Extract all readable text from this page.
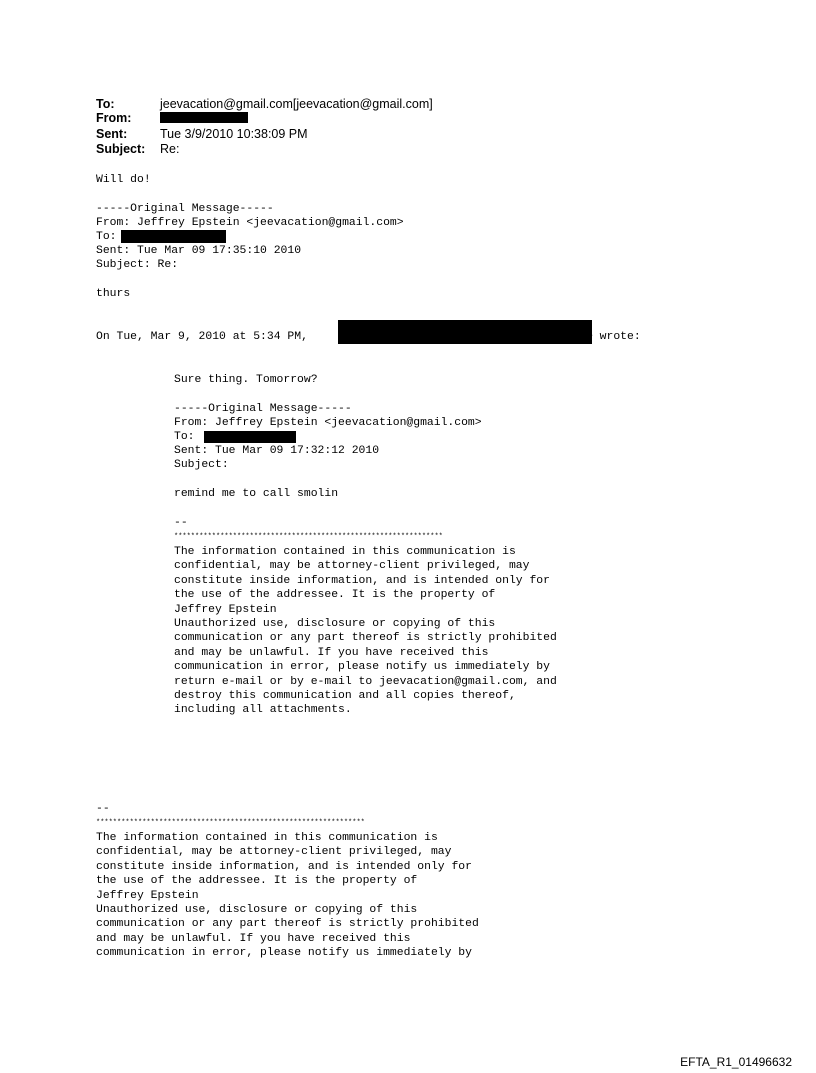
To:	jeevacation@gmail.com[jeevacation@gmail.com]
From:
Sent:	Tue 3/9/2010 10:38:09 PM
Subject: Re:
Will do!
-----Original Message-----
From: Jeffrey Epstein <jeevacation@gmail.com>
To:
Sent: Tue Mar 09 17:35:10 2010
Subject: Re:
thurs
On Tue, Mar 9, 2010 at 5:34 PM,	> wrote:
Sure thing. Tomorrow?
-----Original Message-----
From: Jeffrey Epstein <jeevacation@gmail.com>
To:
Sent: Tue Mar 09 17:32:12 2010
Subject:
remind me to call smolin
--
****************************************************************
The information contained in this communication is
confidential, may be attorney-client privileged, may
constitute inside information, and is intended only for
the use of the addressee. It is the property of
Jeffrey Epstein
Unauthorized use, disclosure or copying of this
communication or any part thereof is strictly prohibited
and may be unlawful. If you have received this
communication in error, please notify us immediately by
return e-mail or by e-mail to jeevacation@gmail.com, and
destroy this communication and all copies thereof,
including all attachments.
--
****************************************************************
The information contained in this communication is
confidential, may be attorney-client privileged, may
constitute inside information, and is intended only for
the use of the addressee. It is the property of
Jeffrey Epstein
Unauthorized use, disclosure or copying of this
communication or any part thereof is strictly prohibited
and may be unlawful. If you have received this
communication in error, please notify us immediately by
EFTA_R1_01496632
